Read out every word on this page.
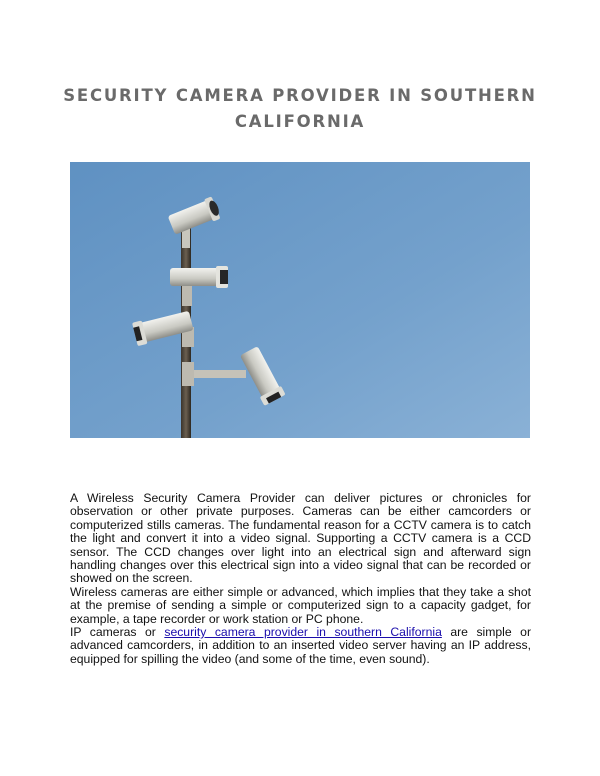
SECURITY CAMERA PROVIDER IN SOUTHERN CALIFORNIA

A Wireless Security Camera Provider can deliver pictures or chronicles for observation or other private purposes. Cameras can be either camcorders or computerized stills cameras. The fundamental reason for a CCTV camera is to catch the light and convert it into a video signal. Supporting a CCTV camera is a CCD sensor. The CCD changes over light into an electrical sign and afterward sign handling changes over this electrical sign into a video signal that can be recorded or showed on the screen.

Wireless cameras are either simple or advanced, which implies that they take a shot at the premise of sending a simple or computerized sign to a capacity gadget, for example, a tape recorder or work station or PC phone.

IP cameras or security camera provider in southern California are simple or advanced camcorders, in addition to an inserted video server having an IP address, equipped for spilling the video (and some of the time, even sound).
